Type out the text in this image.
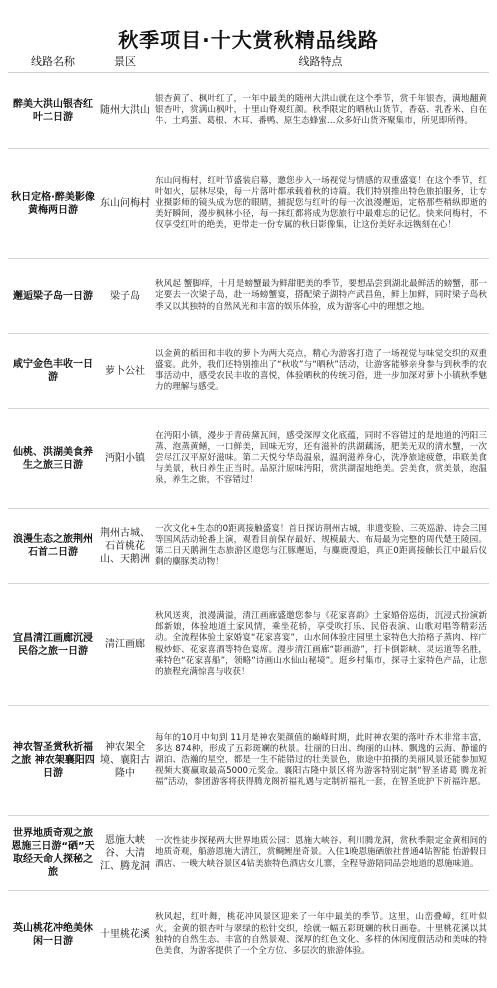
秋季项目·十大赏秋精品线路
线路名称	景区	线路特点
醉美大洪山银杏红叶二日游	随州大洪山	银杏黄了、枫叶红了，一年中最美的随州大洪山就在这个季节，赏千年银杏，满地翻黄银杏叶，赏满山枫叶，十里山脊观红颜。秋季限定的晒秋山货节，香菇、乳香米、自在牛、土鸡蛋、葛根、木耳、番鸭、原生态蜂蜜…众多好山货齐聚集市，所见即所得。
秋日定格·醉美影像黄梅两日游	东山问梅村	东山问梅村，红叶节盛装启幕，邀您步入一场视觉与情感的双重盛宴！在这个季节，红叶如火，层林尽染，每一片落叶都承载着秋的诗篇。我们特别推出特色旅拍服务，让专业摄影师的镜头成为您的眼睛，捕捉您与红叶的每一次浪漫邂逅，定格那些稍纵即逝的美好瞬间，漫步枫林小径，每一抹红都将成为您旅行中最难忘的记忆。快来问梅村，不仅享受红叶的绝美，更带走一份专属的秋日影像集，让这份美好永远镌刻在心！
邂逅梁子岛一日游	梁子岛	秋风起 蟹脚痒，十月是螃蟹最为鲜甜肥美的季节，要想品尝到湖北最鲜活的螃蟹，那一定要去一次梁子岛，赴一场螃蟹宴，搭配梁子湖特产武昌鱼，鲜上加鲜，同时梁子岛秋季又以其独特的自然风光和丰富的娱乐体验，成为游客心中的理想之地。
咸宁金色丰收一日游	萝卜公社	以金黄的稻田和丰收的萝卜为两大亮点，精心为游客打造了一场视觉与味觉交织的双重盛宴。此外，我们还特别推出了“秋收”与“晒秋”活动，让游客能够亲身参与到秋季的农事活动中，感受农民丰收的喜悦，体验晒秋的传统习俗，进一步加深对萝卜小镇秋季魅力的理解与感受。
仙桃、洪湖美食养生之旅三日游	沔阳小镇	在沔阳小镇，漫步于青砖黛瓦间，感受深厚文化底蕴，同时不容错过的是地道的沔阳三蒸、泡蒸黄鳝，一口鲜美，回味无穷，还有滋补的洪湖藕汤，肥美无双的清水蟹，一次尝尽江汉平原好滋味。第二天悦兮华岛温泉，温润滋养身心，洗净旅途疲惫，串联美食与美景，秋日养生正当时。品原汁原味沔阳，赏洪湖湿地绝美。尝美食，赏美景，泡温泉，养生之旅，不容错过！
浪漫生态之旅荆州石首二日游	荆州古城、石首桃花山、天鹅洲	一次文化+生态的0距离接触盛宴！首日探访荆州古城，非遗变脸、三英巡游、诗会三国等国风活动轮番上演，观看目前保存最好、规模最大、布局最为完整的周代楚王陵园。第二日天鹅洲生态旅游区遨您与江豚邂逅，与麋鹿漫追，真正0距离接触长江中最后仪剩的麋豚类动物！
宜昌清江画廊沉浸民俗之旅一日游	清江画廊	秋风送爽，浪漫满溢，清江画廊盛邀您参与《花家喜韵》土家婚俗巡街，沉浸式扮演新郎新娘，体验地道土家风情，乘坐花轿，享受吹打乐、民俗表演、山歌对唱等精彩活动。全流程体验土家婚宴“花家喜宴”，山水间体验庄园里土家特色大抬格子蒸肉、梓广椒炒虾、花家喜酒等特色宴席。漫步清江画廊“影画游”，打卡倒影峡、灵运道等名胜，乘特色“花家喜船”，领略“诗画山水仙山秘境”。逛乡村集市，探寻土家特色产品，让您的旅程充满惊喜与收获！
神农智圣赏秋祈福之旅 神农架襄阳四日游	神农架全境、襄阳古隆中	每年的10月中旬到 11月是神农架颜值的巅峰时期，此时神农架的落叶乔木非常丰富，多达 874种，形成了五彩斑斓的秋景。壮丽的日出、绚丽的山林、飘逸的云海、静谧的湖泊、浩瀚的星空，都是一生不能错过的壮美景色，旅途中拍摄的美丽风景还能参加短视频大赛赢取最高5000元奖金。襄阳古隆中景区将为游客特别定制“智圣诸葛 腾龙祈福”活动，参团游客将获得腾龙阁祈福礼遇与定制祈福礼一套，在智圣庇护下祈福许愿。
世界地质奇观之旅恩施三日游“硒”天取经天命人探秘之旅	恩施大峡谷、大清江、腾龙洞	一次性徒步探秘两大世界地质公园：恩施大峡谷、利川腾龙洞，赏秋季限定金黄相间的地质奇观，船游恩施大清江，赏鲷鲤崖奇景。入住1晚恩施硒旅社普通4钻智能 怡游假日酒店、一晚大峡谷景区4钻美旅特色酒店女儿寨，全程导游陪同品尝地道的恩施味道。
英山桃花冲绝美休闲一日游	十里桃花溪	秋风起，红叶舞，桃花冲风景区迎来了一年中最美的季节。这里，山峦叠嶂，红叶似火，金黄的银杏叶与翠绿的松针交织，绘就一幅五彩斑斓的秋日画卷。十里桃花溪以其独特的自然生态、丰富的自然景观、深厚的红色文化、多样的休闲度假活动和美味的特色美食，为游客提供了一个全方位、多层次的旅游体验。
